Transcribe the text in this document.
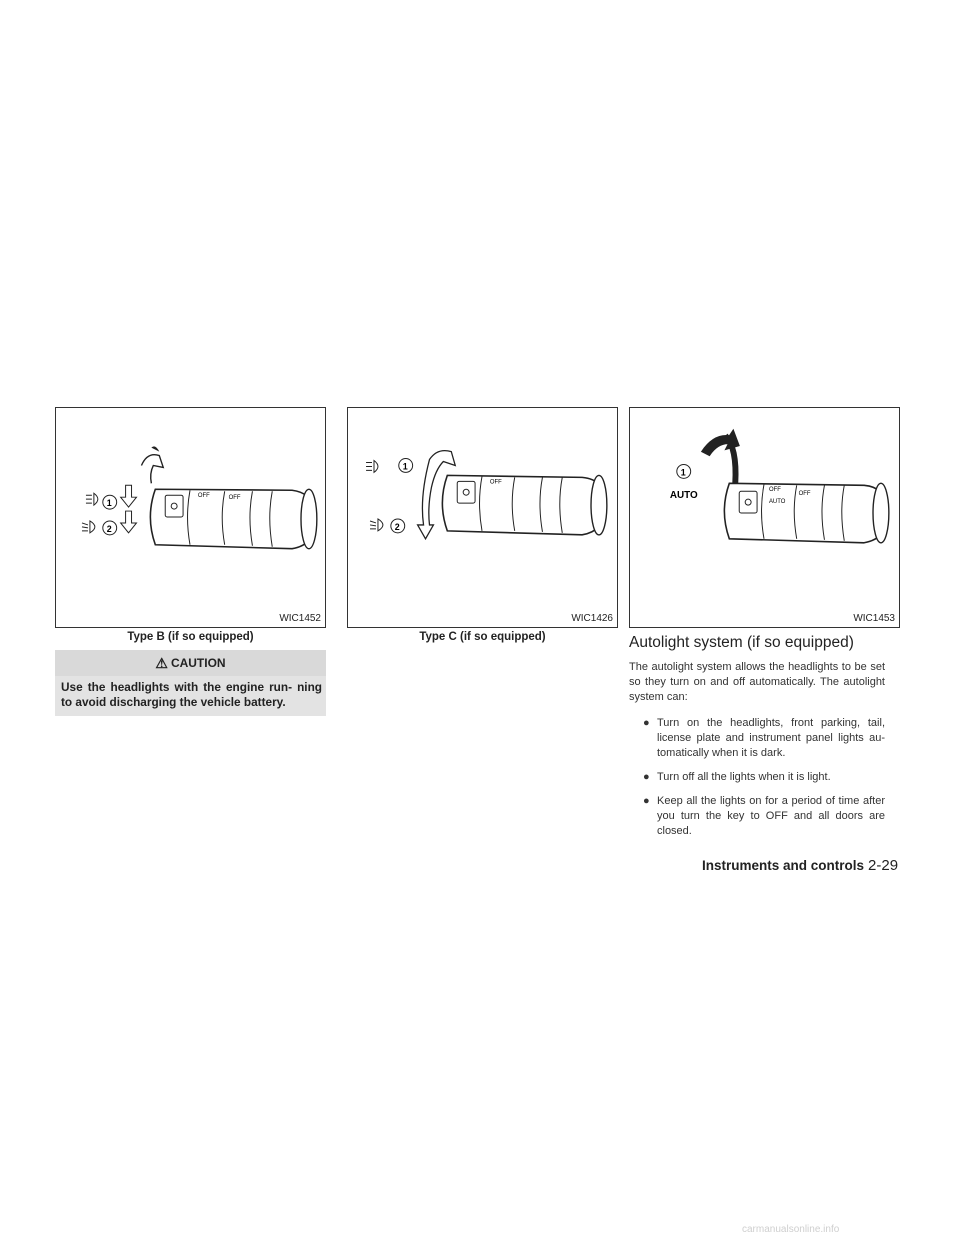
OFF	OFF
1
2
WIC1452
Type B (if so equipped)
OFF
1
2
WIC1426
Type C (if so equipped)
OFF
AUTO
OFF
1
AUTO
WIC1453
⚠ CAUTION
Use the headlights with the engine run- ning to avoid discharging the vehicle battery.
Autolight system (if so equipped)
The autolight system allows the headlights to be set so they turn on and off automatically. The autolight system can:
● Turn on the headlights, front parking, tail, license plate and instrument panel lights au- tomatically when it is dark.
● Turn off all the lights when it is light.
● Keep all the lights on for a period of time after you turn the key to OFF and all doors are closed.
Instruments and controls 2-29
carmanualsonline.info
